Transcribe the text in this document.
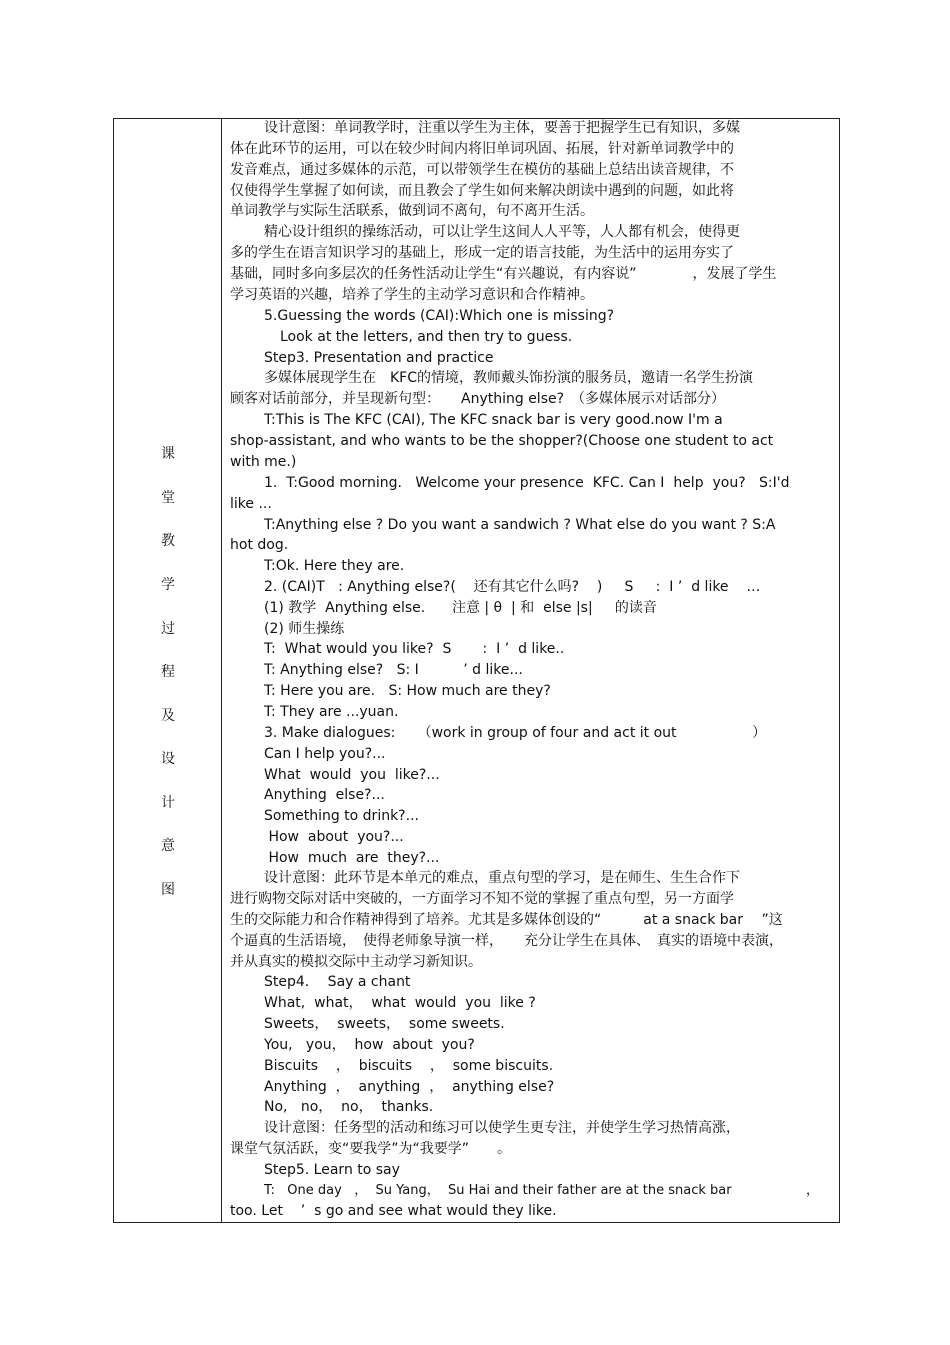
课
堂
教
学
过
程
及
设
计
意
图
设计意图：单词教学时，注重以学生为主体，要善于把握学生已有知识，多媒
体在此环节的运用，可以在较少时间内将旧单词巩固、拓展，针对新单词教学中的
发音难点，通过多媒体的示范，可以带领学生在模仿的基础上总结出读音规律，不
仅使得学生掌握了如何读，而且教会了学生如何来解决朗读中遇到的问题，如此将
单词教学与实际生活联系，做到词不离句，句不离开生活。
精心设计组织的操练活动，可以让学生这间人人平等，人人都有机会，使得更
多的学生在语言知识学习的基础上，形成一定的语言技能，为生活中的运用夯实了
基础，同时多向多层次的任务性活动让学生“有兴趣说，有内容说”　　　　，发展了学生
学习英语的兴趣，培养了学生的主动学习意识和合作精神。
5.Guessing the words (CAI):Which one is missing?
Look at the letters, and then try to guess.
Step3. Presentation and practice
多媒体展现学生在　KFC的情境，教师戴头饰扮演的服务员，邀请一名学生扮演
顾客对话前部分，并呈现新句型：　　Anything else?　（多媒体展示对话部分）
T:This is The KFC (CAI), The KFC snack bar is very good.now I'm a
shop-assistant, and who wants to be the shopper?(Choose one student to act
with me.)
1.  T:Good morning.   Welcome your presence  KFC. Can I  help  you?   S:I'd
like ...
T:Anything else ? Do you want a sandwich ? What else do you want ? S:A
hot dog.
T:Ok. Here they are.
2. (CAI)T   : Anything else?(    还有其它什么吗?    )     S     :  I ’  d like    …
(1) 教学  Anything else.      注意 | θ  | 和  else |s|     的读音
(2) 师生操练
T:  What would you like?  S       :  I ’  d like..
T: Anything else?   S: I          ’ d like...
T: Here you are.   S: How much are they?
T: They are ...yuan.
3. Make dialogues:     （work in group of four and act it out                 ）
Can I help you?...
What  would  you  like?...
Anything  else?...
Something to drink?...
How  about  you?...
How  much  are  they?...
设计意图：此环节是本单元的难点，重点句型的学习，是在师生、生生合作下
进行购物交际对话中突破的，一方面学习不知不觉的掌握了重点句型，另一方面学
生的交际能力和合作精神得到了培养。尤其是多媒体创设的“　　　at a snack bar　 ”这
个逼真的生活语境，　使得老师象导演一样，　　充分让学生在具体、　真实的语境中表演，
并从真实的模拟交际中主动学习新知识。
Step4．  Say a chant
What,  what，  what  would  you  like ?
Sweets，  sweets，  some sweets.
You,   you，  how  about  you?
Biscuits    ，  biscuits    ，  some biscuits.
Anything  ，  anything  ，  anything else?
No,   no，  no，  thanks.
设计意图：任务型的活动和练习可以使学生更专注，并使学生学习热情高涨，
课堂气氛活跃，变“要我学”为“我要学”　　。
Step5. Learn to say
T:   One day   ，  Su Yang，  Su Hai and their father are at the snack bar                  ，
too. Let    ’  s go and see what would they like.
